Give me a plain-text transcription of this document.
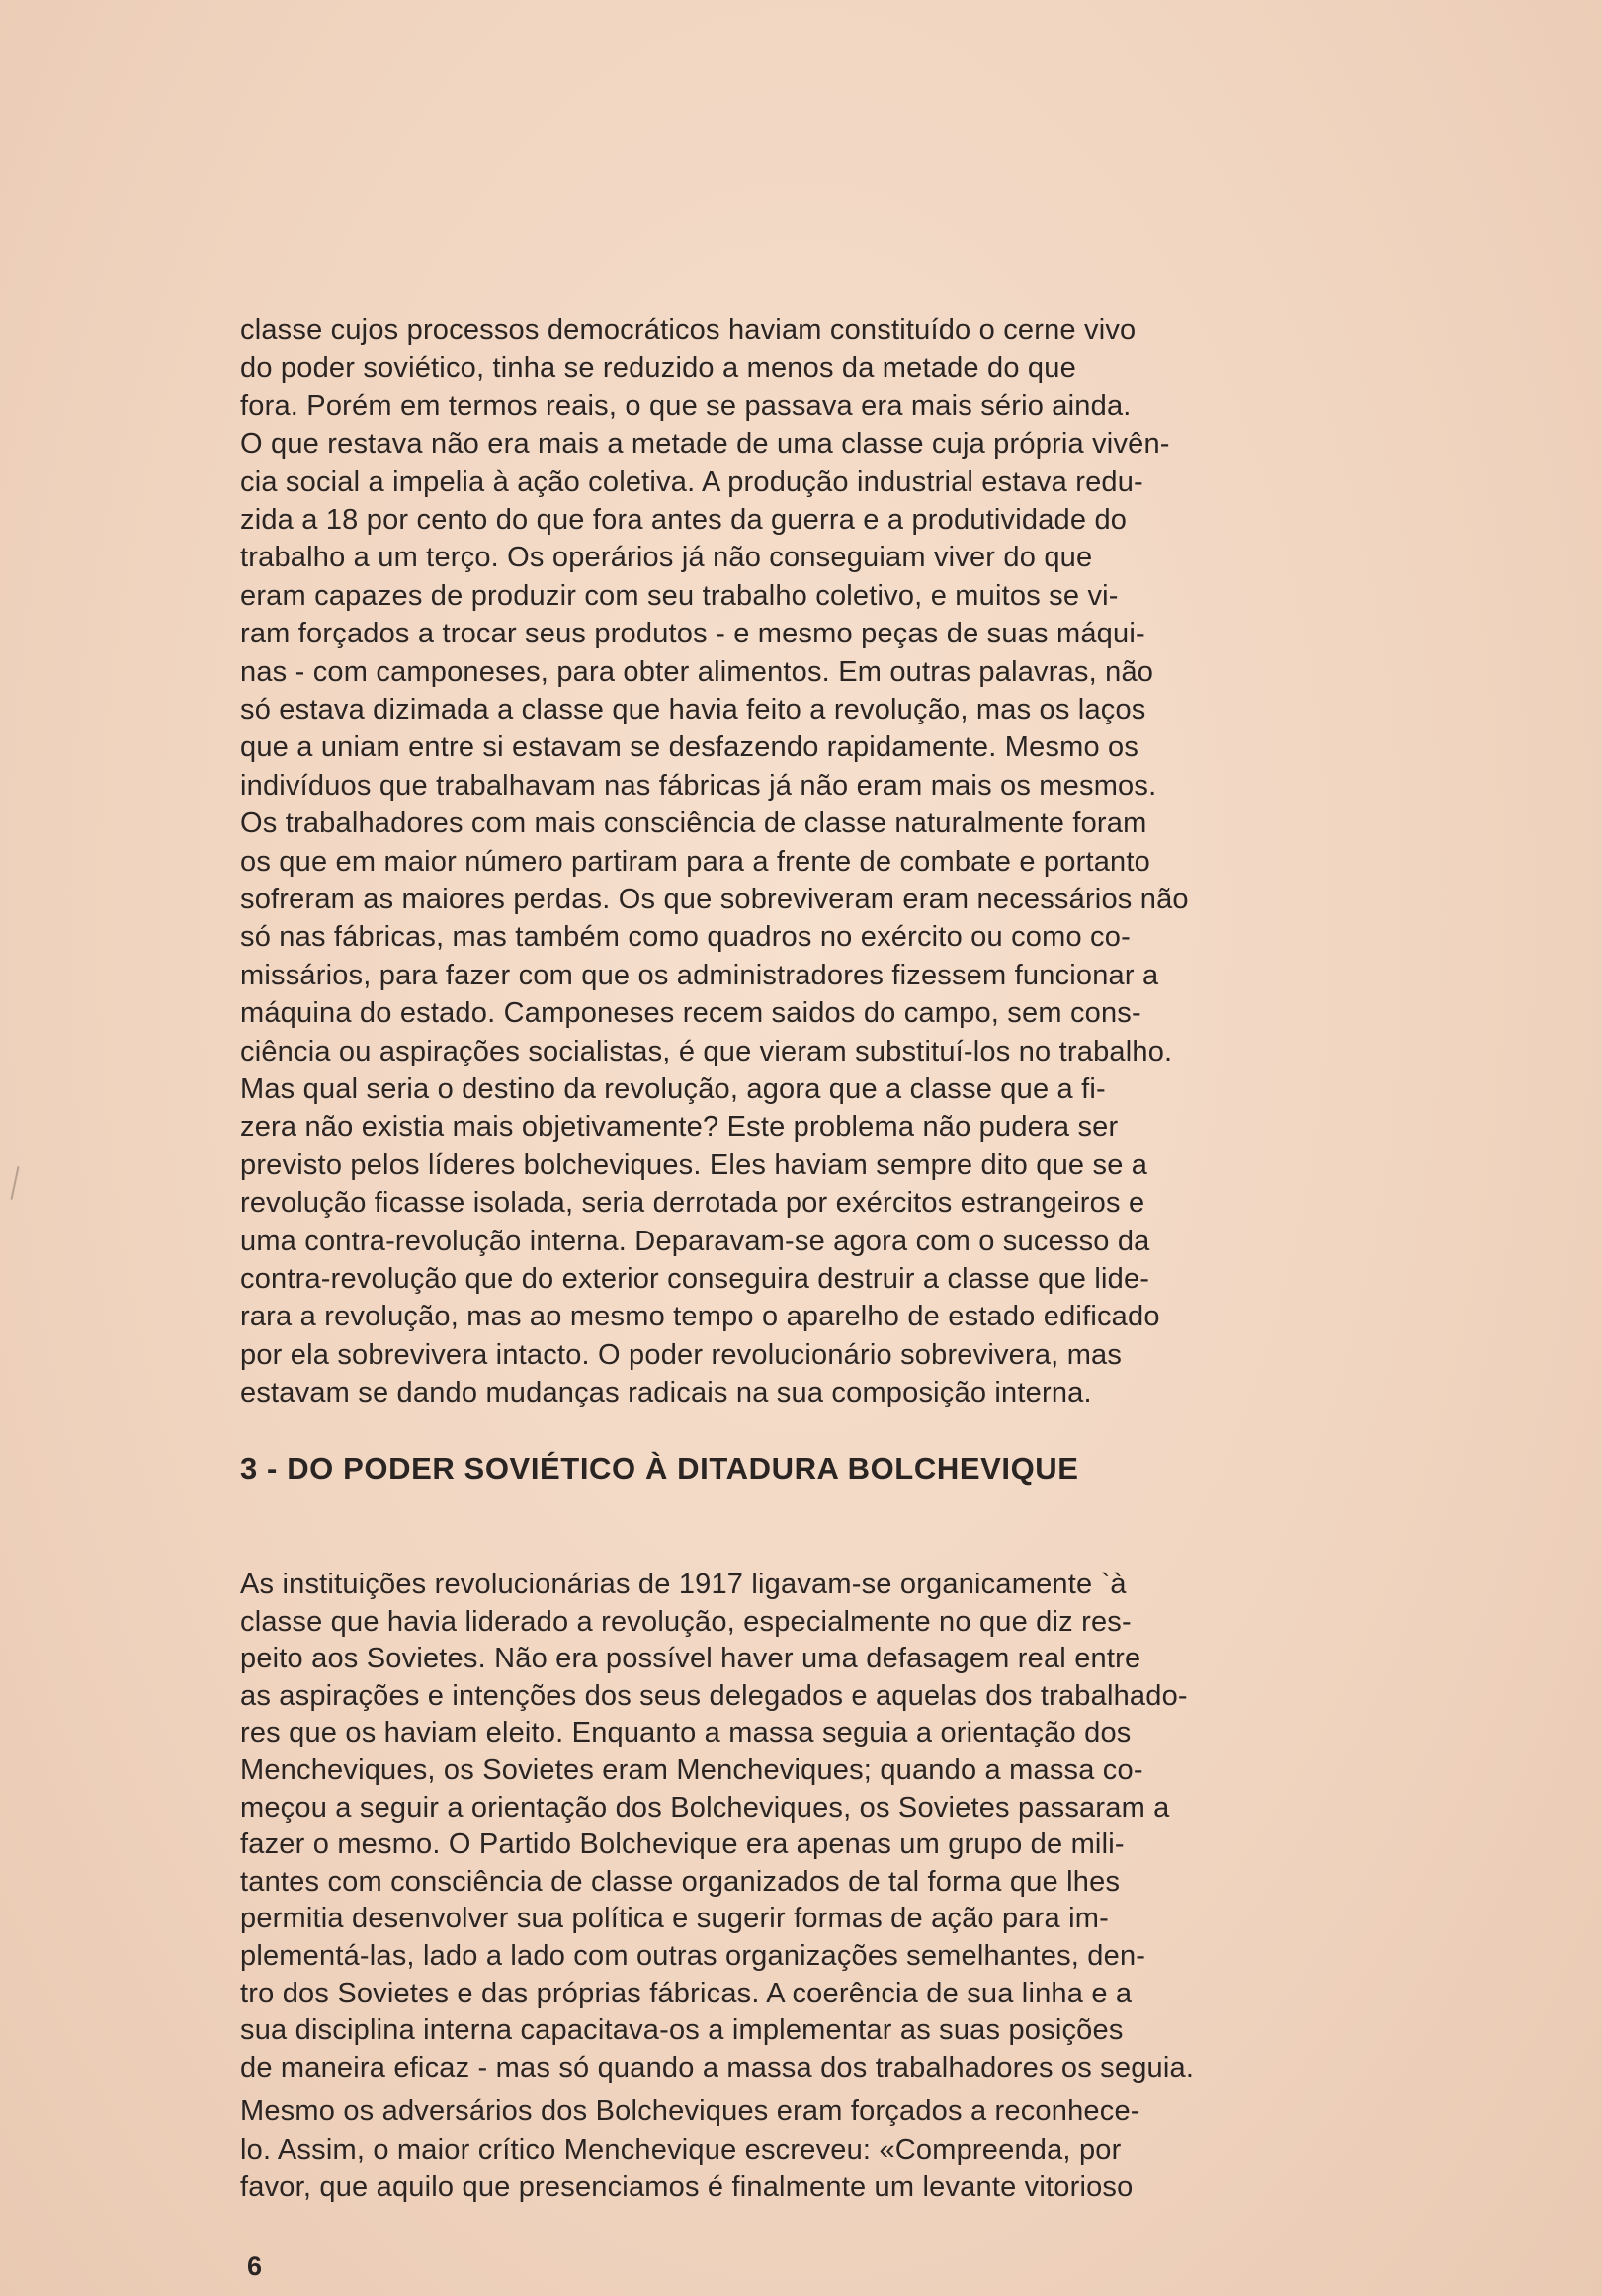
classe cujos processos democráticos haviam constituído o cerne vivo
do poder soviético, tinha se reduzido a menos da metade do que
fora. Porém em termos reais, o que se passava era mais sério ainda.
O que restava não era mais a metade de uma classe cuja própria vivên-
cia social a impelia à ação coletiva. A produção industrial estava redu-
zida a 18 por cento do que fora antes da guerra e a produtividade do
trabalho a um terço. Os operários já não conseguiam viver do que
eram capazes de produzir com seu trabalho coletivo, e muitos se vi-
ram forçados a trocar seus produtos - e mesmo peças de suas máqui-
nas - com camponeses, para obter alimentos. Em outras palavras, não
só estava dizimada a classe que havia feito a revolução, mas os laços
que a uniam entre si estavam se desfazendo rapidamente. Mesmo os
indivíduos que trabalhavam nas fábricas já não eram mais os mesmos.
Os trabalhadores com mais consciência de classe naturalmente foram
os que em maior número partiram para a frente de combate e portanto
sofreram as maiores perdas. Os que sobreviveram eram necessários não
só nas fábricas, mas também como quadros no exército ou como co-
missários, para fazer com que os administradores fizessem funcionar a
máquina do estado. Camponeses recem saidos do campo, sem cons-
ciência ou aspirações socialistas, é que vieram substituí-los no trabalho.
Mas qual seria o destino da revolução, agora que a classe que a fi-
zera não existia mais objetivamente? Este problema não pudera ser
previsto pelos líderes bolcheviques. Eles haviam sempre dito que se a
revolução ficasse isolada, seria derrotada por exércitos estrangeiros e
uma contra-revolução interna. Deparavam-se agora com o sucesso da
contra-revolução que do exterior conseguira destruir a classe que lide-
rara a revolução, mas ao mesmo tempo o aparelho de estado edificado
por ela sobrevivera intacto. O poder revolucionário sobrevivera, mas
estavam se dando mudanças radicais na sua composição interna.
3 - DO PODER SOVIÉTICO À DITADURA BOLCHEVIQUE
As instituições revolucionárias de 1917 ligavam-se organicamente `à
classe que havia liderado a revolução, especialmente no que diz res-
peito aos Sovietes. Não era possível haver uma defasagem real entre
as aspirações e intenções dos seus delegados e aquelas dos trabalhado-
res que os haviam eleito. Enquanto a massa seguia a orientação dos
Mencheviques, os Sovietes eram Mencheviques; quando a massa co-
meçou a seguir a orientação dos Bolcheviques, os Sovietes passaram a
fazer o mesmo. O Partido Bolchevique era apenas um grupo de mili-
tantes com consciência de classe organizados de tal forma que lhes
permitia desenvolver sua política e sugerir formas de ação para im-
plementá-las, lado a lado com outras organizações semelhantes, den-
tro dos Sovietes e das próprias fábricas. A coerência de sua linha e a
sua disciplina interna capacitava-os a implementar as suas posições
de maneira eficaz - mas só quando a massa dos trabalhadores os seguia.
Mesmo os adversários dos Bolcheviques eram forçados a reconhece-
lo. Assim, o maior crítico Menchevique escreveu: «Compreenda, por
favor, que aquilo que presenciamos é finalmente um levante vitorioso
6
